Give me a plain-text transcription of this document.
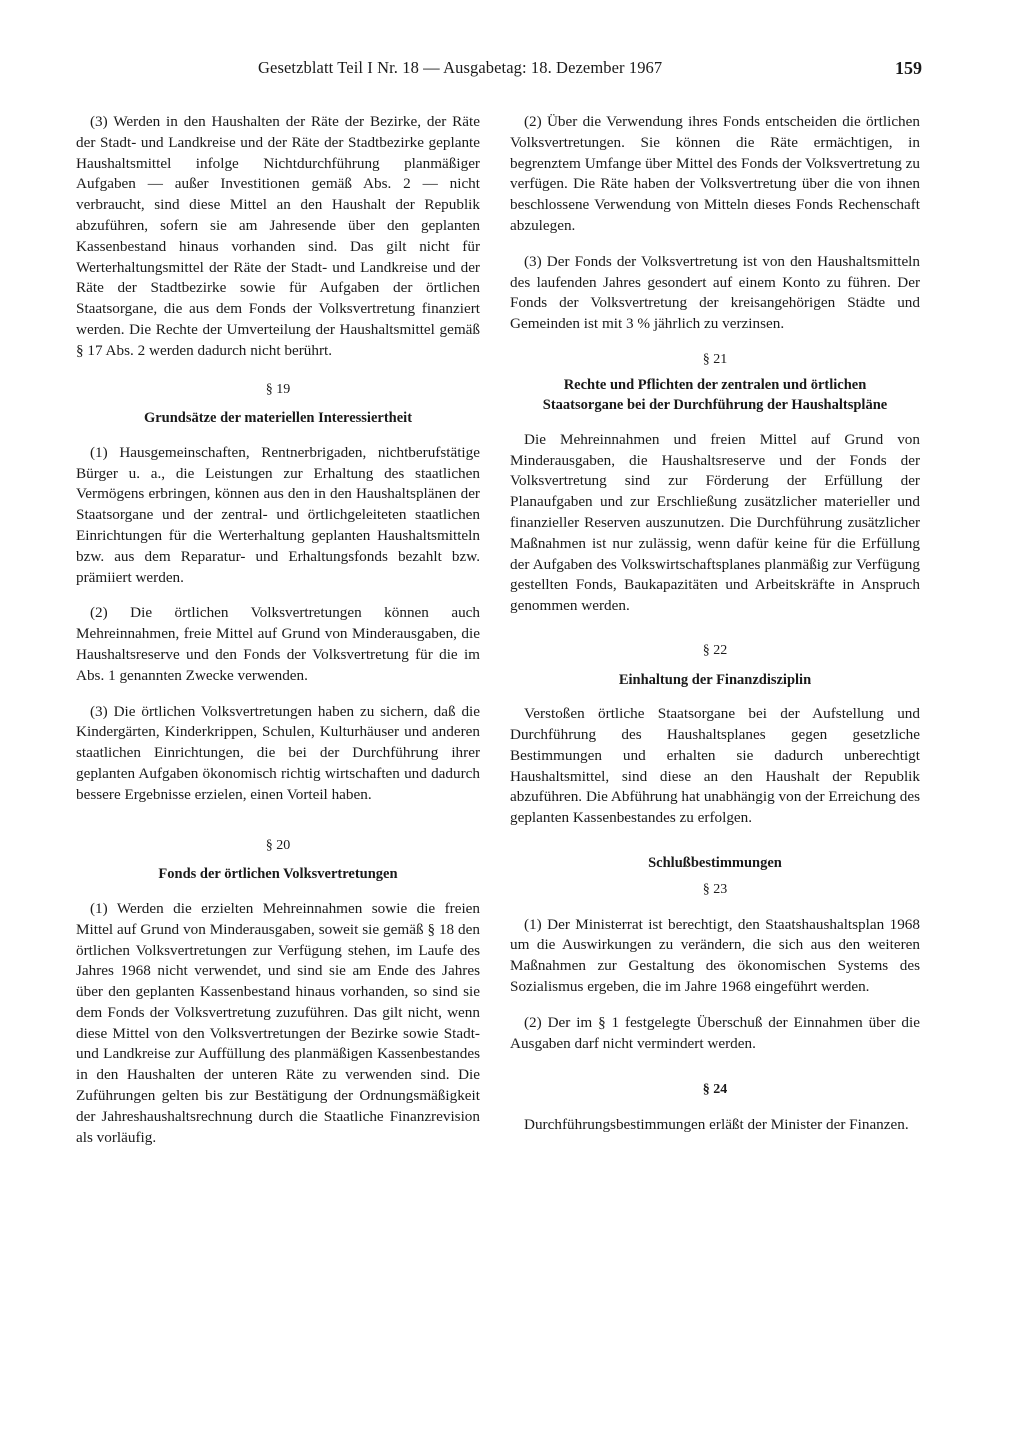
Gesetzblatt Teil I Nr. 18 — Ausgabetag: 18. Dezember 1967	159

(3) Werden in den Haushalten der Räte der Bezirke, der Räte der Stadt- und Landkreise und der Räte der Stadtbezirke geplante Haushaltsmittel infolge Nichtdurchführung planmäßiger Aufgaben — außer Investitionen gemäß Abs. 2 — nicht verbraucht, sind diese Mittel an den Haushalt der Republik abzuführen, sofern sie am Jahresende über den geplanten Kassenbestand hinaus vorhanden sind. Das gilt nicht für Werterhaltungsmittel der Räte der Stadt- und Landkreise und der Räte der Stadtbezirke sowie für Aufgaben der örtlichen Staatsorgane, die aus dem Fonds der Volksvertretung finanziert werden. Die Rechte der Umverteilung der Haushaltsmittel gemäß § 17 Abs. 2 werden dadurch nicht berührt.

§ 19
Grundsätze der materiellen Interessiertheit

(1) Hausgemeinschaften, Rentnerbrigaden, nichtberufstätige Bürger u. a., die Leistungen zur Erhaltung des staatlichen Vermögens erbringen, können aus den in den Haushaltsplänen der Staatsorgane und der zentral- und örtlichgeleiteten staatlichen Einrichtungen für die Werterhaltung geplanten Haushaltsmitteln bzw. aus dem Reparatur- und Erhaltungsfonds bezahlt bzw. prämiiert werden.

(2) Die örtlichen Volksvertretungen können auch Mehreinnahmen, freie Mittel auf Grund von Minderausgaben, die Haushaltsreserve und den Fonds der Volksvertretung für die im Abs. 1 genannten Zwecke verwenden.

(3) Die örtlichen Volksvertretungen haben zu sichern, daß die Kindergärten, Kinderkrippen, Schulen, Kulturhäuser und anderen staatlichen Einrichtungen, die bei der Durchführung ihrer geplanten Aufgaben ökonomisch richtig wirtschaften und dadurch bessere Ergebnisse erzielen, einen Vorteil haben.

§ 20
Fonds der örtlichen Volksvertretungen

(1) Werden die erzielten Mehreinnahmen sowie die freien Mittel auf Grund von Minderausgaben, soweit sie gemäß § 18 den örtlichen Volksvertretungen zur Verfügung stehen, im Laufe des Jahres 1968 nicht verwendet, und sind sie am Ende des Jahres über den geplanten Kassenbestand hinaus vorhanden, so sind sie dem Fonds der Volksvertretung zuzuführen. Das gilt nicht, wenn diese Mittel von den Volksvertretungen der Bezirke sowie Stadt- und Landkreise zur Auffüllung des planmäßigen Kassenbestandes in den Haushalten der unteren Räte zu verwenden sind. Die Zuführungen gelten bis zur Bestätigung der Ordnungsmäßigkeit der Jahreshaushaltsrechnung durch die Staatliche Finanzrevision als vorläufig.

(2) Über die Verwendung ihres Fonds entscheiden die örtlichen Volksvertretungen. Sie können die Räte ermächtigen, in begrenztem Umfange über Mittel des Fonds der Volksvertretung zu verfügen. Die Räte haben der Volksvertretung über die von ihnen beschlossene Verwendung von Mitteln dieses Fonds Rechenschaft abzulegen.

(3) Der Fonds der Volksvertretung ist von den Haushaltsmitteln des laufenden Jahres gesondert auf einem Konto zu führen. Der Fonds der Volksvertretung der kreisangehörigen Städte und Gemeinden ist mit 3 % jährlich zu verzinsen.

§ 21
Rechte und Pflichten der zentralen und örtlichen Staatsorgane bei der Durchführung der Haushaltspläne

Die Mehreinnahmen und freien Mittel auf Grund von Minderausgaben, die Haushaltsreserve und der Fonds der Volksvertretung sind zur Förderung der Erfüllung der Planaufgaben und zur Erschließung zusätzlicher materieller und finanzieller Reserven auszunutzen. Die Durchführung zusätzlicher Maßnahmen ist nur zulässig, wenn dafür keine für die Erfüllung der Aufgaben des Volkswirtschaftsplanes planmäßig zur Verfügung gestellten Fonds, Baukapazitäten und Arbeitskräfte in Anspruch genommen werden.

§ 22
Einhaltung der Finanzdisziplin

Verstoßen örtliche Staatsorgane bei der Aufstellung und Durchführung des Haushaltsplanes gegen gesetzliche Bestimmungen und erhalten sie dadurch unberechtigt Haushaltsmittel, sind diese an den Haushalt der Republik abzuführen. Die Abführung hat unabhängig von der Erreichung des geplanten Kassenbestandes zu erfolgen.

Schlußbestimmungen
§ 23

(1) Der Ministerrat ist berechtigt, den Staatshaushaltsplan 1968 um die Auswirkungen zu verändern, die sich aus den weiteren Maßnahmen zur Gestaltung des ökonomischen Systems des Sozialismus ergeben, die im Jahre 1968 eingeführt werden.

(2) Der im § 1 festgelegte Überschuß der Einnahmen über die Ausgaben darf nicht vermindert werden.

§ 24

Durchführungsbestimmungen erläßt der Minister der Finanzen.
